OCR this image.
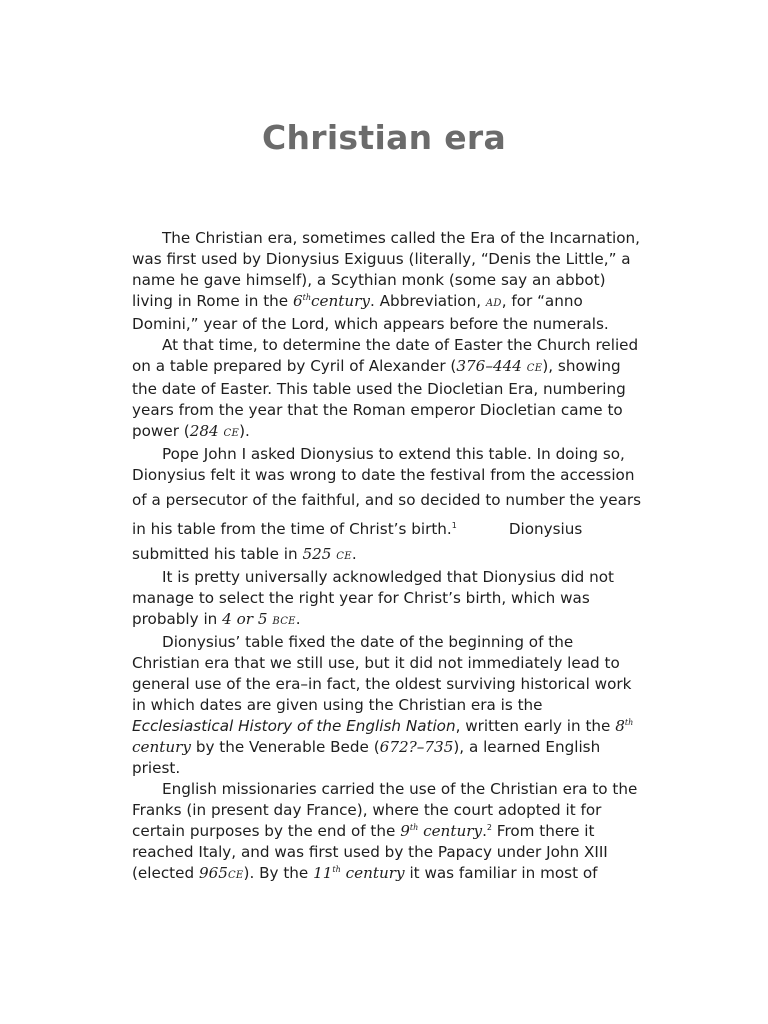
Christian era

The Christian era, sometimes called the Era of the Incarnation, was first used by Dionysius Exiguus (literally, “Denis the Little,” a name he gave himself), a Scythian monk (some say an abbot) living in Rome in the 6thcentury. Abbreviation, AD, for “anno Domini,” year of the Lord, which appears before the numerals.

At that time, to determine the date of Easter the Church relied on a table prepared by Cyril of Alexander (376–444 CE), showing the date of Easter. This table used the Diocletian Era, numbering years from the year that the Roman emperor Diocletian came to power (284 CE).

Pope John I asked Dionysius to extend this table. In doing so, Dionysius felt it was wrong to date the festival from the accession of a persecutor of the faithful, and so decided to number the years in his table from the time of Christ’s birth.$^1$	Dionysius submitted his table in 525 CE.

It is pretty universally acknowledged that Dionysius did not manage to select the right year for Christ’s birth, which was probably in 4 or 5 BCE.

Dionysius’ table fixed the date of the beginning of the Christian era that we still use, but it did not immediately lead to general use of the era–in fact, the oldest surviving historical work in which dates are given using the Christian era is the Ecclesiastical History of the English Nation, written early in the 8th century by the Venerable Bede (672?–735), a learned English priest.

English missionaries carried the use of the Christian era to the Franks (in present day France), where the court adopted it for certain purposes by the end of the 9th century.$^2$ From there it reached Italy, and was first used by the Papacy under John XIII (elected 965CE). By the 11th century it was familiar in most of
